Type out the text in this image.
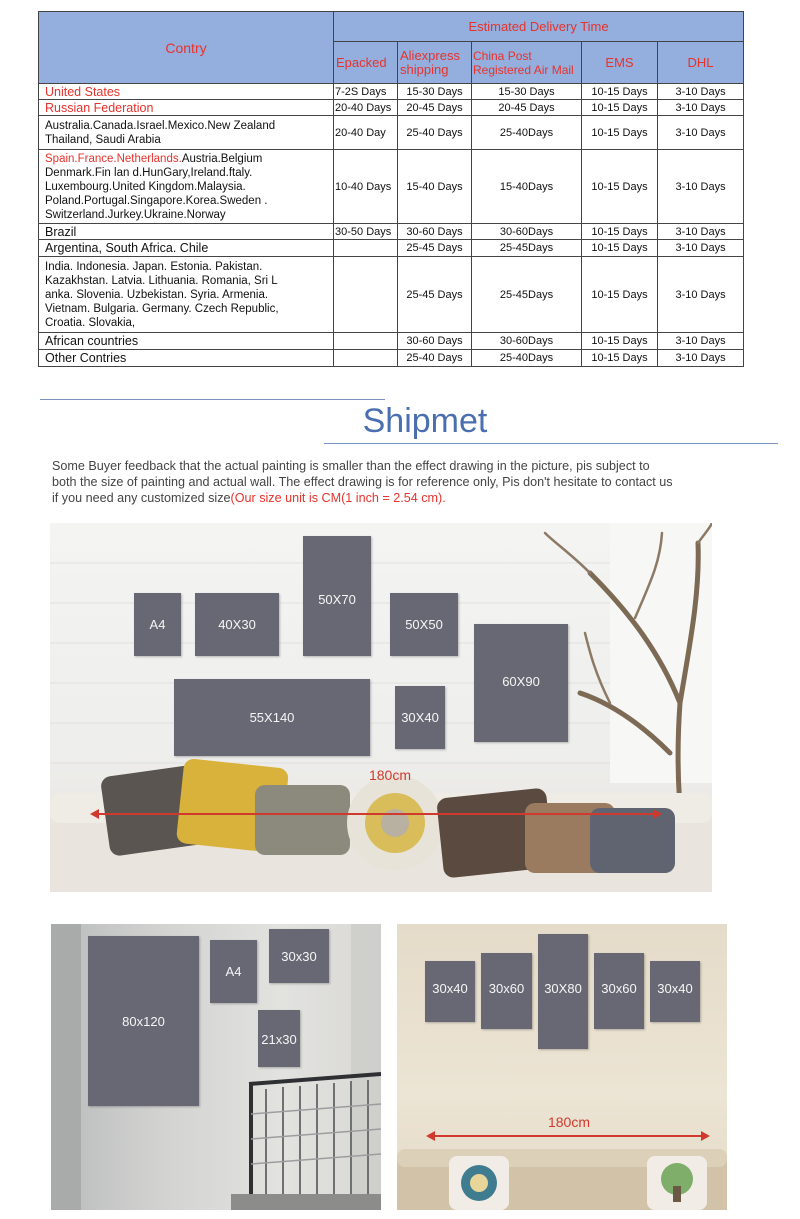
Contry	Estimated Delivery Time				
	Epacked	Aliexpress shipping	China Post Registered Air Mail	EMS	DHL
United States	7-2S Days	15-30 Days	15-30 Days	10-15 Days	3-10 Days
Russian Federation	20-40 Days	20-45 Days	20-45 Days	10-15 Days	3-10 Days

Australia.Canada.Israel.Mexico.New Zealand
Thailand, Saudi Arabia	20-40 Day	25-40 Days	25-40Days	10-15 Days	3-10 Days

Spain.France.Netherlands.Austria.Belgium
Denmark.Fin lan d.HunGary,Ireland.ftaly.
Luxembourg.United Kingdom.Malaysia.
Poland.Portugal.Singapore.Korea.Sweden .
Switzerland.Jurkey.Ukraine.Norway	10-40 Days	15-40 Days	15-40Days	10-15 Days	3-10 Days
Brazil	30-50 Days	30-60 Days	30-60Days	10-15 Days	3-10 Days
Argentina, South Africa. Chile		25-45 Days	25-45Days	10-15 Days	3-10 Days

India. Indonesia. Japan. Estonia. Pakistan.
Kazakhstan. Latvia. Lithuania. Romania, Sri L
anka. Slovenia. Uzbekistan. Syria. Armenia.
Vietnam. Bulgaria. Germany. Czech Republic,
Croatia. Slovakia,		25-45 Days	25-45Days	10-15 Days	3-10 Days
African countries		30-60 Days	30-60Days	10-15 Days	3-10 Days
Other Contries		25-40 Days	25-40Days	10-15 Days	3-10 Days
Shipmet
Some Buyer feedback that the actual painting is smaller than the effect drawing in the picture, pis subject to
both the size of painting and actual wall. The effect drawing is for reference only, Pis don't hesitate to contact us
if you need any customized size(Our size unit is CM(1 inch = 2.54 cm).
A4	40X30
50X70
50X50
60X90
55X140	30X40
180cm
80x120
A4
30x30
21x30
30x40 30x60 30X80 30x60 30x40
180cm
